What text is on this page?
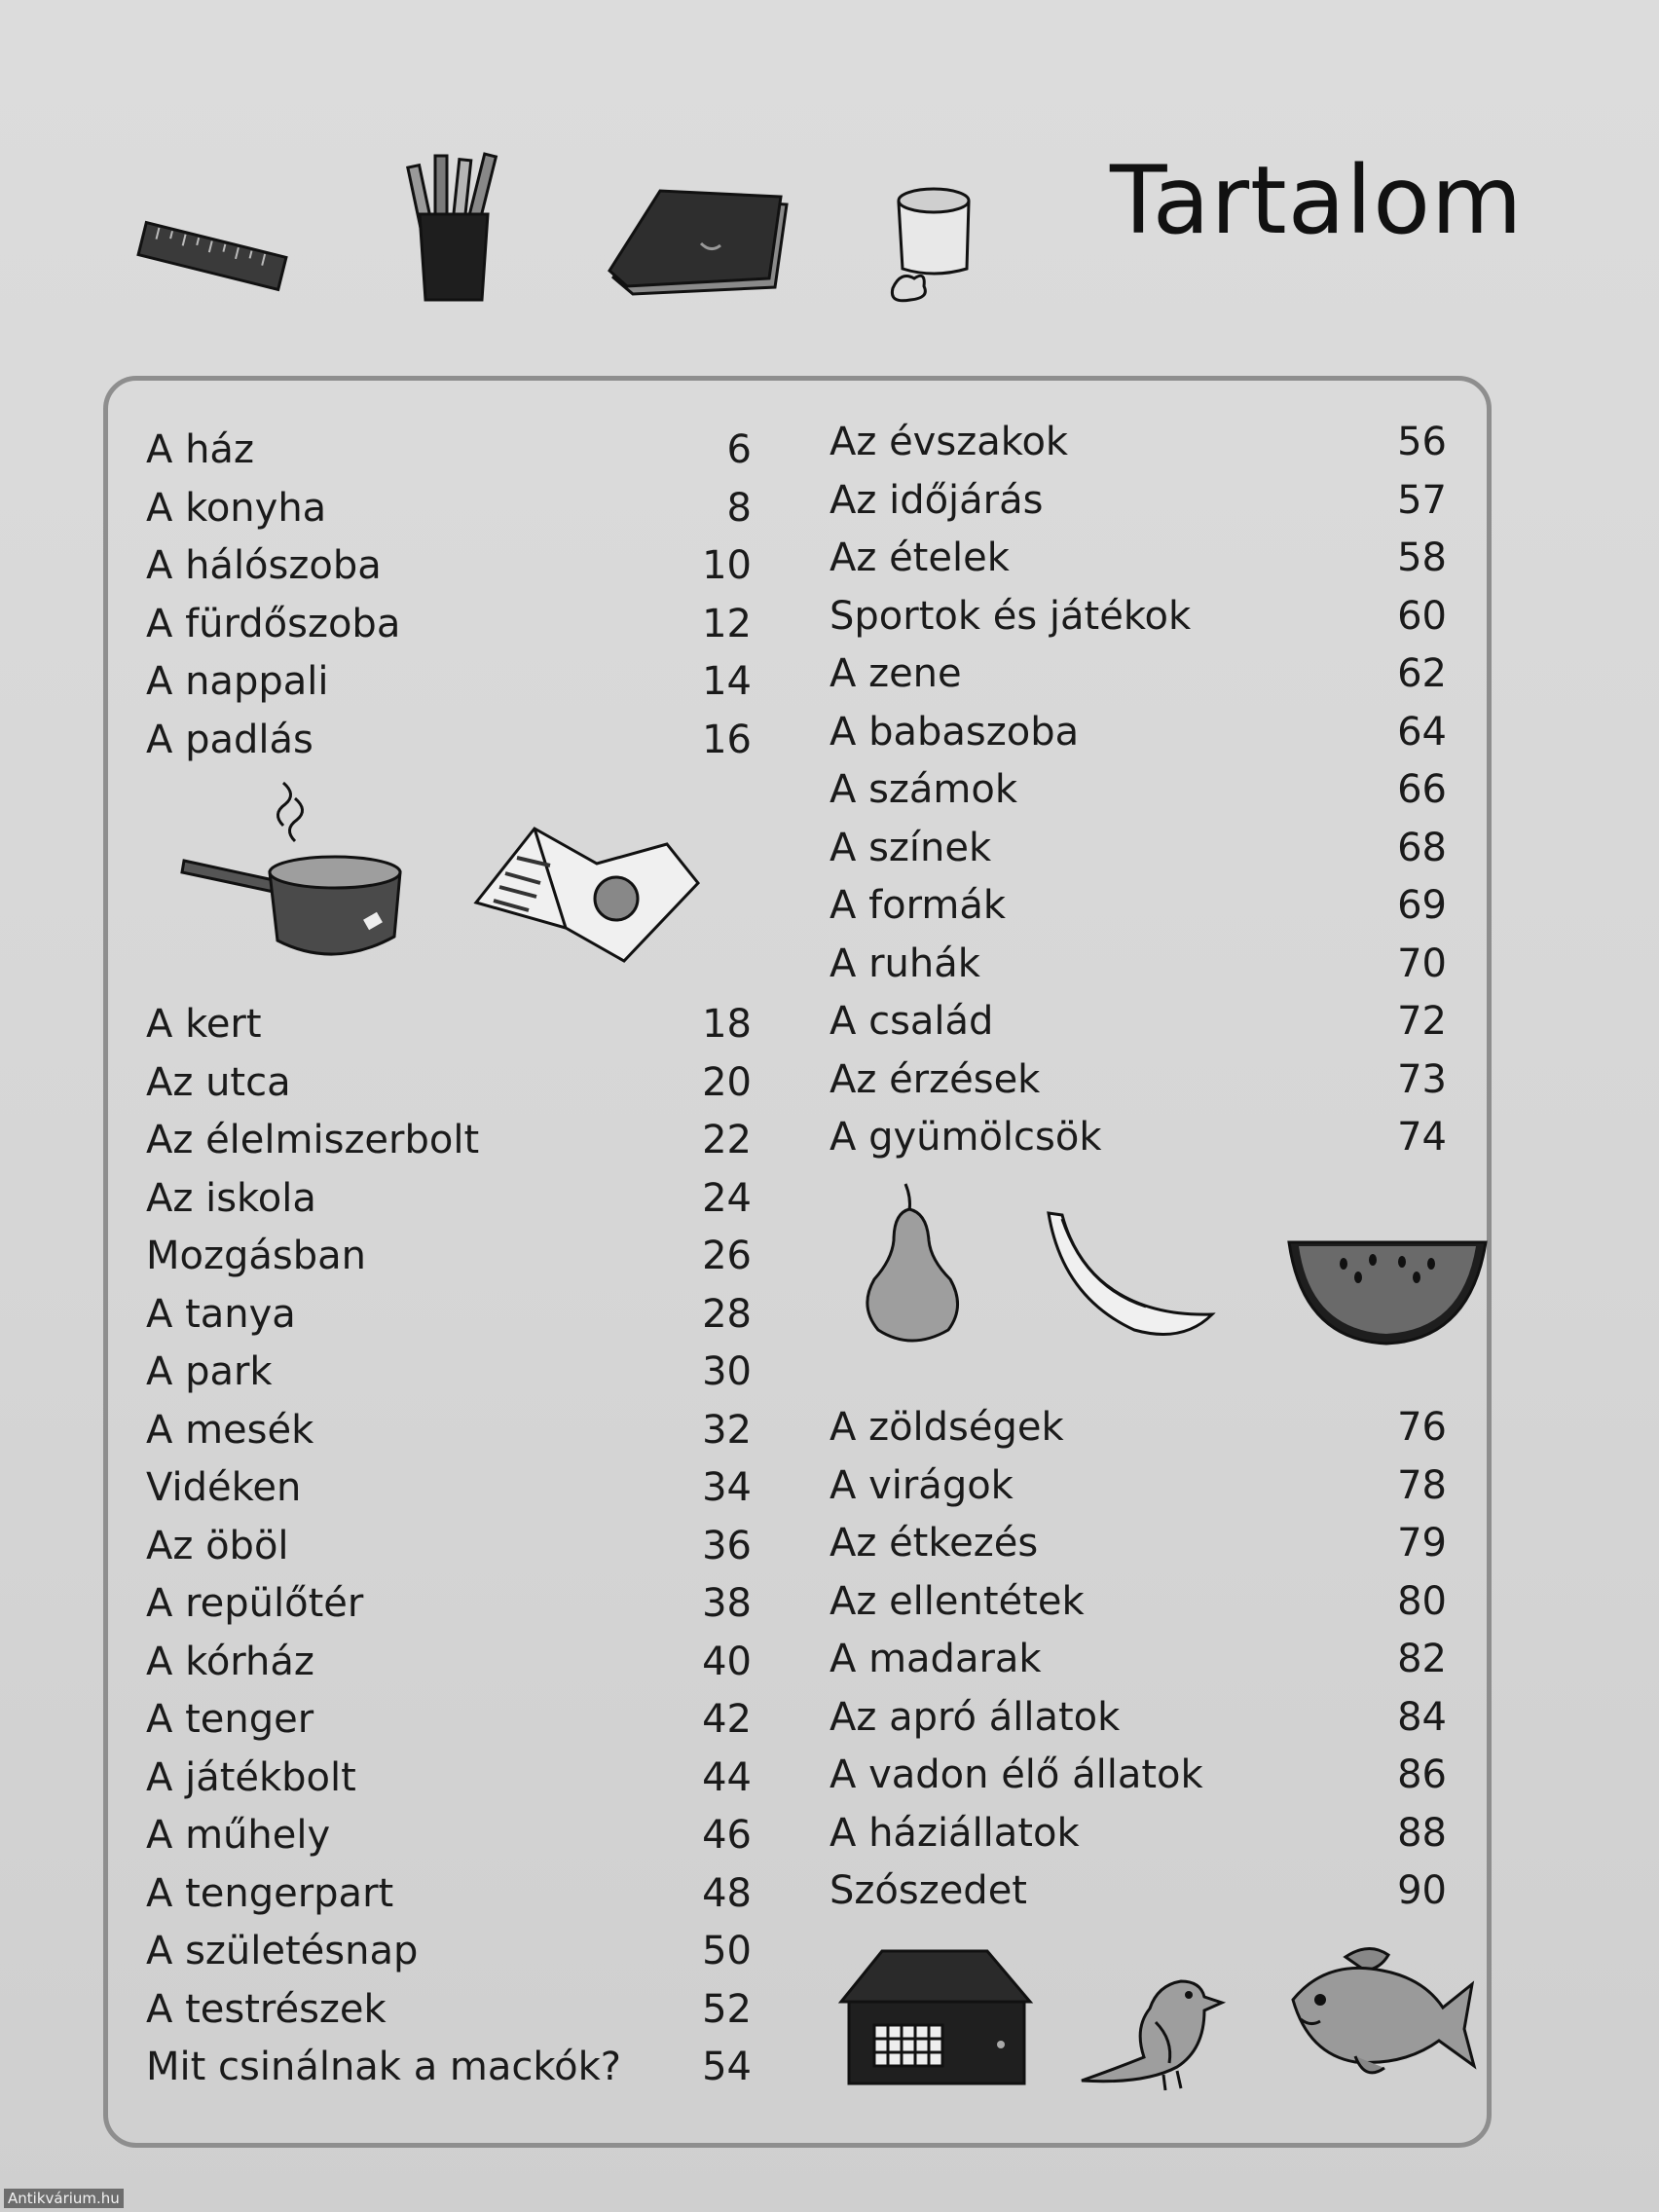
Tartalom
A ház	6
A konyha	8
A hálószoba	10
A fürdőszoba	12
A nappali	14
A padlás	16
A kert	18
Az utca	20
Az élelmiszerbolt	22
Az iskola	24
Mozgásban	26
A tanya	28
A park	30
A mesék	32
Vidéken	34
Az öböl	36
A repülőtér	38
A kórház	40
A tenger	42
A játékbolt	44
A műhely	46
A tengerpart	48
A születésnap	50
A testrészek	52
Mit csinálnak a mackók? 54
Az évszakok	56
Az időjárás	57
Az ételek	58
Sportok és játékok	60
A zene	62
A babaszoba	64
A számok	66
A színek	68
A formák	69
A ruhák	70
A család	72
Az érzések	73
A gyümölcsök	74
A zöldségek	76
A virágok	78
Az étkezés	79
Az ellentétek	80
A madarak	82
Az apró állatok	84
A vadon élő állatok	86
A háziállatok	88
Szószedet	90
Antikvárium.hu
